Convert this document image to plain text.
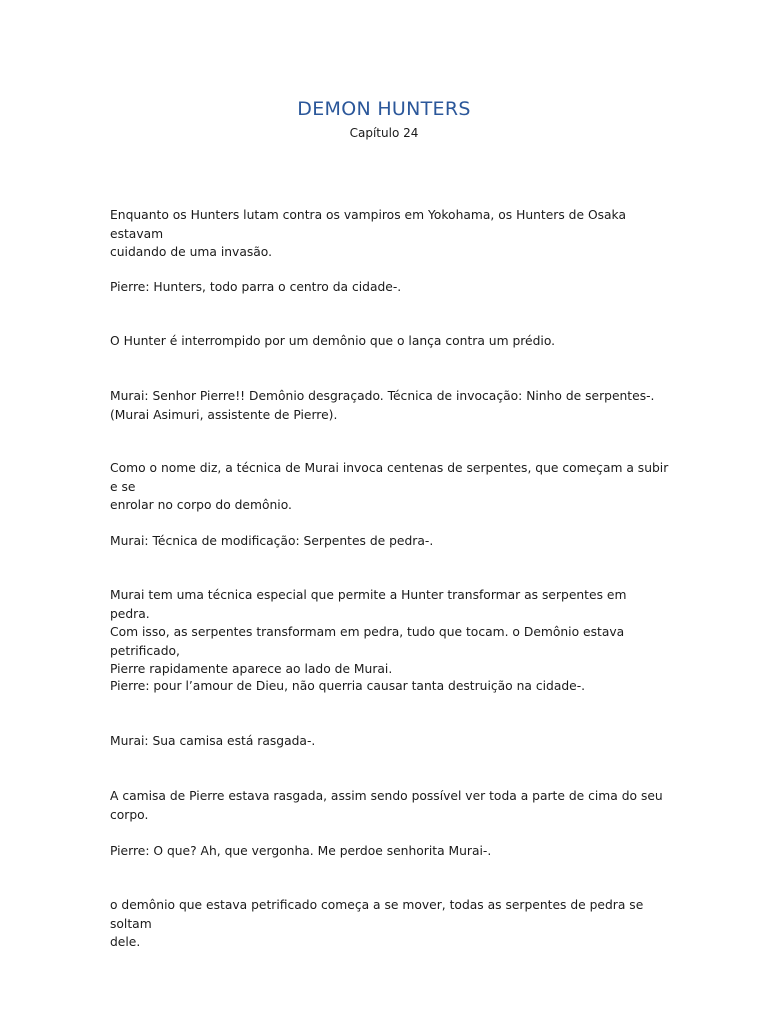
DEMON HUNTERS
Capítulo 24

Enquanto os Hunters lutam contra os vampiros em Yokohama, os Hunters de Osaka estavam
cuidando de uma invasão.

Pierre: Hunters, todo parra o centro da cidade-.

O Hunter é interrompido por um demônio que o lança contra um prédio.

Murai: Senhor Pierre!! Demônio desgraçado. Técnica de invocação: Ninho de serpentes-.
(Murai Asimuri, assistente de Pierre).

Como o nome diz, a técnica de Murai invoca centenas de serpentes, que começam a subir e se
enrolar no corpo do demônio.

Murai: Técnica de modificação: Serpentes de pedra-.

Murai tem uma técnica especial que permite a Hunter transformar as serpentes em pedra.
Com isso, as serpentes transformam em pedra, tudo que tocam. o Demônio estava petrificado,
Pierre rapidamente aparece ao lado de Murai.

Pierre: pour l’amour de Dieu, não querria causar tanta destruição na cidade-.

Murai: Sua camisa está rasgada-.

A camisa de Pierre estava rasgada, assim sendo possível ver toda a parte de cima do seu corpo.

Pierre: O que? Ah, que vergonha. Me perdoe senhorita Murai-.

o demônio que estava petrificado começa a se mover, todas as serpentes de pedra se soltam
dele.
